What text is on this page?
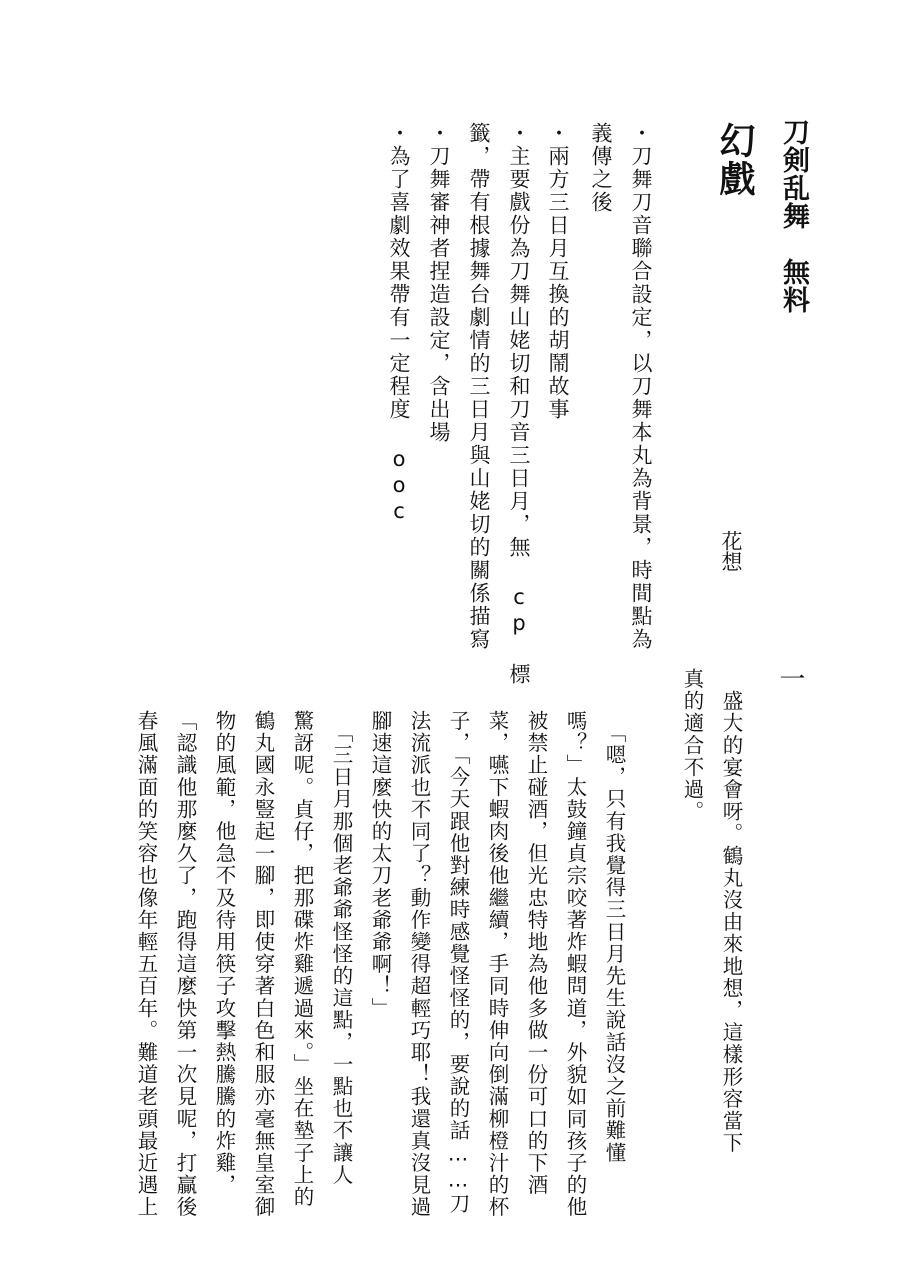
刀剣乱舞　無料
幻戲
・刀舞刀音聯合設定，以刀舞本丸為背景，時間點為
義傳之後
・兩方三日月互換的胡鬧故事
・主要戲份為刀舞山姥切和刀音三日月，無 cp 標
籤，帶有根據舞台劇情的三日月與山姥切的關係描寫
・刀舞審神者捏造設定，含出場
・為了喜劇效果帶有一定程度 ooc
花想
一
　盛大的宴會呀。鶴丸沒由來地想，這樣形容當下
真的適合不過。
　「嗯，只有我覺得三日月先生說話沒之前難懂
嗎？」太鼓鐘貞宗咬著炸蝦問道，外貌如同孩子的他
被禁止碰酒，但光忠特地為他多做一份可口的下酒
菜，嚥下蝦肉後他繼續，手同時伸向倒滿柳橙汁的杯
子，「今天跟他對練時感覺怪怪的，要說的話……刀
法流派也不同了？動作變得超輕巧耶！我還真沒見過
腳速這麼快的太刀老爺爺啊！」
　「三日月那個老爺爺怪怪的這點，一點也不讓人
驚訝呢。貞仔，把那碟炸雞遞過來。」坐在墊子上的
鶴丸國永豎起一腳，即使穿著白色和服亦毫無皇室御
物的風範，他急不及待用筷子攻擊熱騰騰的炸雞，
「認識他那麼久了，跑得這麼快第一次見呢，打贏後
春風滿面的笑容也像年輕五百年。難道老頭最近遇上
